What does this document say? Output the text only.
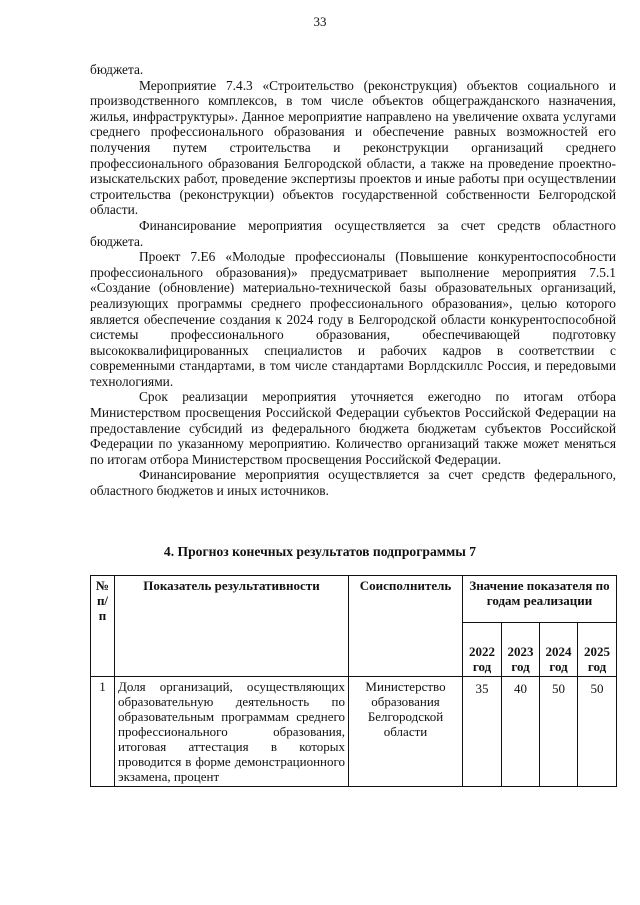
33

бюджета.

Мероприятие 7.4.3 «Строительство (реконструкция) объектов социального и производственного комплексов, в том числе объектов общегражданского назначения, жилья, инфраструктуры». Данное мероприятие направлено на увеличение охвата услугами среднего профессионального образования и обеспечение равных возможностей его получения путем строительства и реконструкции организаций среднего профессионального образования Белгородской области, а также на проведение проектно-изыскательских работ, проведение экспертизы проектов и иные работы при осуществлении строительства (реконструкции) объектов государственной собственности Белгородской области.

Финансирование мероприятия осуществляется за счет средств областного бюджета.

Проект 7.Е6 «Молодые профессионалы (Повышение конкурентоспособности профессионального образования)» предусматривает выполнение мероприятия 7.5.1 «Создание (обновление) материально-технической базы образовательных организаций, реализующих программы среднего профессионального образования», целью которого является обеспечение создания к 2024 году в Белгородской области конкурентоспособной системы профессионального образования, обеспечивающей подготовку высококвалифицированных специалистов и рабочих кадров в соответствии с современными стандартами, в том числе стандартами Ворлдскиллс Россия, и передовыми технологиями.

Срок реализации мероприятия уточняется ежегодно по итогам отбора Министерством просвещения Российской Федерации субъектов Российской Федерации на предоставление субсидий из федерального бюджета бюджетам субъектов Российской Федерации по указанному мероприятию. Количество организаций также может меняться по итогам отбора Министерством просвещения Российской Федерации.

Финансирование мероприятия осуществляется за счет средств федерального, областного бюджетов и иных источников.

4. Прогноз конечных результатов подпрограммы 7
№ п/п	Показатель результативности	Соисполнитель	Значение показателя по годам реализации			
			2022 год	2023 год	2024 год	2025 год
1	Доля организаций, осуществляющих образовательную деятельность по образовательным программам среднего профессионального образования, итоговая аттестация в которых проводится в форме демонстрационного экзамена, процент	Министерство образования Белгородской области	35	40	50	50
